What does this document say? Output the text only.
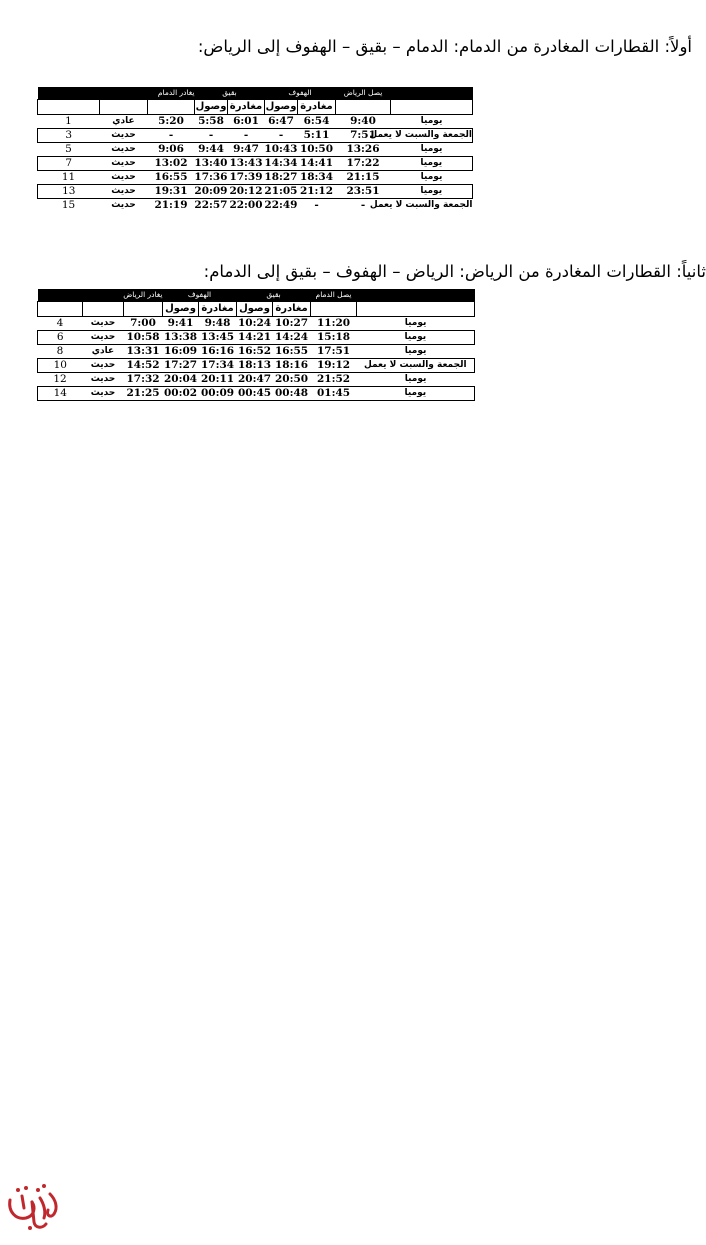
أولاً: القطارات المغادرة من الدمام: الدمام – بقيق – الهفوف إلى الرياض:
	يصل الرياض	الهفوف		بقيق		يغادر الدمام		
		مغادرة	وصول	مغادرة	وصول			
يوميا	9:40	6:54	6:47	6:01	5:58	5:20	عادي	1
الجمعة والسبت لا يعمل	7:51	5:11	-	-	-	-	حديث	3
يوميا	13:26	10:50	10:43	9:47	9:44	9:06	حديث	5
يوميا	17:22	14:41	14:34	13:43	13:40	13:02	حديث	7
يوميا	21:15	18:34	18:27	17:39	17:36	16:55	حديث	11
يوميا	23:51	21:12	21:05	20:12	20:09	19:31	حديث	13
الجمعة والسبت لا يعمل	-	-	22:49	22:00	22:57	21:19	حديث	15
ثانياً: القطارات المغادرة من الرياض: الرياض – الهفوف – بقيق إلى الدمام:
	يصل الدمام	بقيق		الهفوف		يغادر الرياض		
		مغادرة	وصول	مغادرة	وصول			
يوميا	11:20	10:27	10:24	9:48	9:41	7:00	حديث	4
يوميا	15:18	14:24	14:21	13:45	13:38	10:58	حديث	6
يوميا	17:51	16:55	16:52	16:16	16:09	13:31	عادي	8
الجمعة والسبت لا يعمل	19:12	18:16	18:13	17:34	17:27	14:52	حديث	10
يوميا	21:52	20:50	20:47	20:11	20:04	17:32	حديث	12
يوميا	01:45	00:48	00:45	00:09	00:02	21:25	حديث	14
